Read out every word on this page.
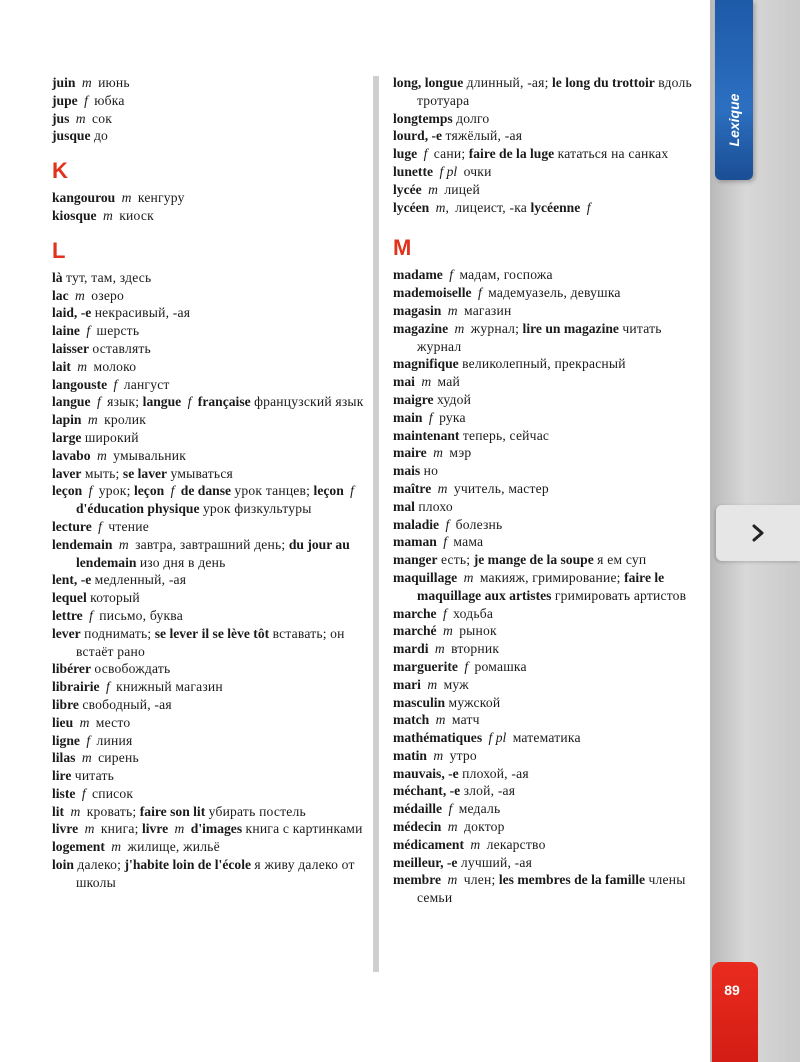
juin m июнь
jupe f юбка
jus m сок
jusque до
K
kangourou m кенгуру
kiosque m киоск
L
là тут, там, здесь
lac m озеро
laid, -e некрасивый, -ая
laine f шерсть
laisser оставлять
lait m молоко
langouste f лангуст
langue f язык; langue f française французский язык
lapin m кролик
large широкий
lavabo m умывальник
laver мыть; se laver умываться
leçon f урок; leçon f de danse урок танцев; leçon f d'éducation physique урок физкультуры
lecture f чтение
lendemain m завтра, завтрашний день; du jour au lendemain изо дня в день
lent, -e медленный, -ая
lequel который
lettre f письмо, буква
lever поднимать; se lever il se lève tôt вставать; он встаёт рано
libérer освобождать
librairie f книжный магазин
libre свободный, -ая
lieu m место
ligne f линия
lilas m сирень
lire читать
liste f список
lit m кровать; faire son lit убирать постель
livre m книга; livre m d'images книга с картинками
logement m жилище, жильё
loin далеко; j'habite loin de l'école я живу далеко от школы
long, longue длинный, -ая; le long du trottoir вдоль тротуара
longtemps долго
lourd, -e тяжёлый, -ая
luge f сани; faire de la luge кататься на санках
lunette f pl очки
lycée m лицей
lycéen m, лицеист, -ка lycéenne f
M
madame f мадам, госпожа
mademoiselle f мадемуазель, девушка
magasin m магазин
magazine m журнал; lire un magazine читать журнал
magnifique великолепный, прекрасный
mai m май
maigre худой
main f рука
maintenant теперь, сейчас
maire m мэр
mais но
maître m учитель, мастер
mal плохо
maladie f болезнь
maman f мама
manger есть; je mange de la soupe я ем суп
maquillage m макияж, гримирование; faire le maquillage aux artistes гримировать артистов
marche f ходьба
marché m рынок
mardi m вторник
marguerite f ромашка
mari m муж
masculin мужской
match m матч
mathématiques f pl математика
matin m утро
mauvais, -e плохой, -ая
méchant, -e злой, -ая
médaille f медаль
médecin m доктор
médicament m лекарство
meilleur, -e лучший, -ая
membre m член; les membres de la famille члены семьи
Lexique
89
